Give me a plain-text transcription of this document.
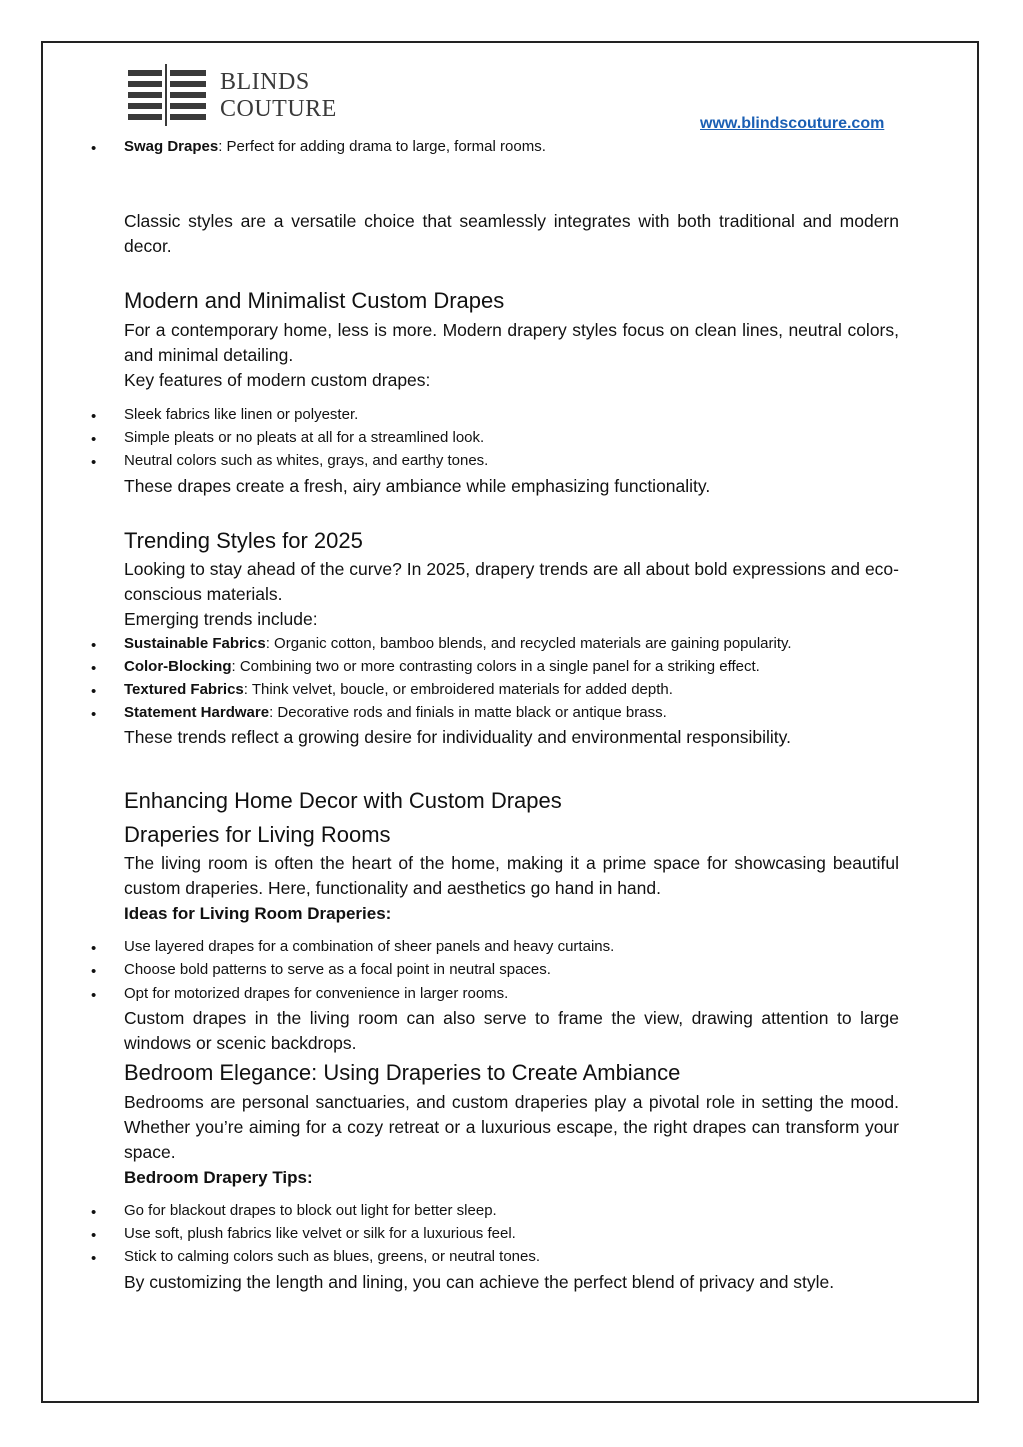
BLINDS
COUTURE
www.blindscouture.com
• Swag Drapes: Perfect for adding drama to large, formal rooms.
Classic styles are a versatile choice that seamlessly integrates with both traditional and modern decor.
Modern and Minimalist Custom Drapes
For a contemporary home, less is more. Modern drapery styles focus on clean lines, neutral colors, and minimal detailing.
Key features of modern custom drapes:
• Sleek fabrics like linen or polyester.
• Simple pleats or no pleats at all for a streamlined look.
• Neutral colors such as whites, grays, and earthy tones.
These drapes create a fresh, airy ambiance while emphasizing functionality.
Trending Styles for 2025
Looking to stay ahead of the curve? In 2025, drapery trends are all about bold expressions and eco-conscious materials.
Emerging trends include:
• Sustainable Fabrics: Organic cotton, bamboo blends, and recycled materials are gaining popularity.
• Color-Blocking: Combining two or more contrasting colors in a single panel for a striking effect.
• Textured Fabrics: Think velvet, boucle, or embroidered materials for added depth.
• Statement Hardware: Decorative rods and finials in matte black or antique brass.
These trends reflect a growing desire for individuality and environmental responsibility.
Enhancing Home Decor with Custom Drapes
Draperies for Living Rooms
The living room is often the heart of the home, making it a prime space for showcasing beautiful custom draperies. Here, functionality and aesthetics go hand in hand.
Ideas for Living Room Draperies:
• Use layered drapes for a combination of sheer panels and heavy curtains.
• Choose bold patterns to serve as a focal point in neutral spaces.
• Opt for motorized drapes for convenience in larger rooms.
Custom drapes in the living room can also serve to frame the view, drawing attention to large windows or scenic backdrops.
Bedroom Elegance: Using Draperies to Create Ambiance
Bedrooms are personal sanctuaries, and custom draperies play a pivotal role in setting the mood. Whether you’re aiming for a cozy retreat or a luxurious escape, the right drapes can transform your space.
Bedroom Drapery Tips:
• Go for blackout drapes to block out light for better sleep.
• Use soft, plush fabrics like velvet or silk for a luxurious feel.
• Stick to calming colors such as blues, greens, or neutral tones.
By customizing the length and lining, you can achieve the perfect blend of privacy and style.
